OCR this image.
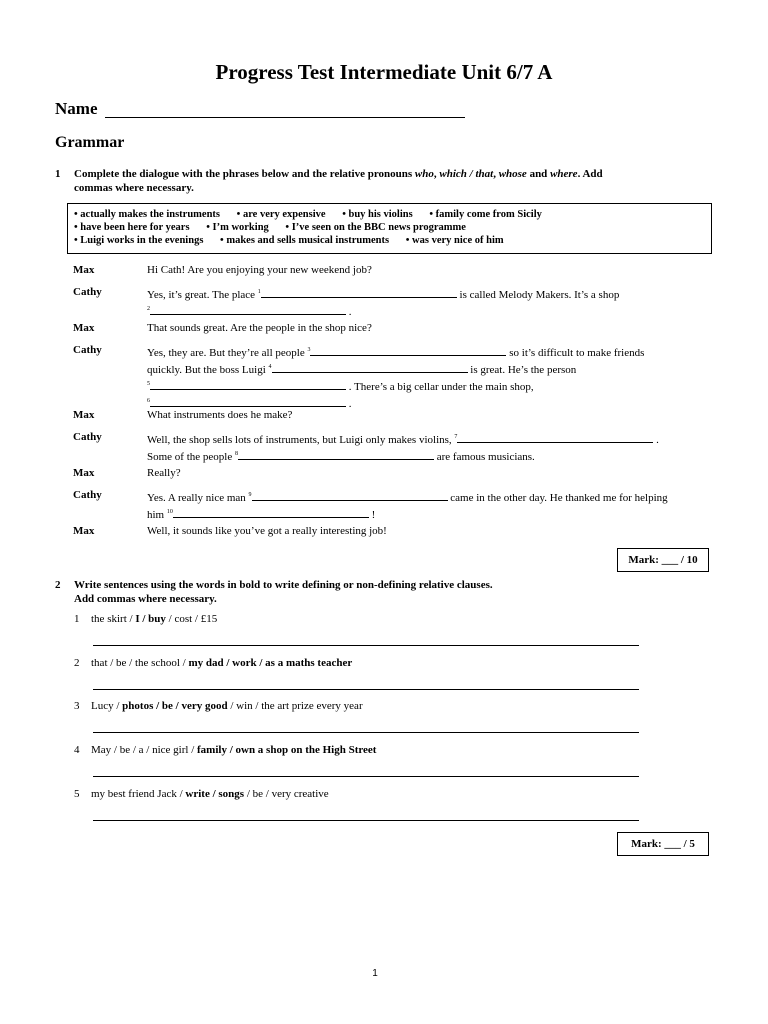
Progress Test Intermediate Unit 6/7 A
Name
Grammar
1 Complete the dialogue with the phrases below and the relative pronouns who, which / that, whose and where. Add
commas where necessary.
• actually makes the instruments • are very expensive • buy his violins • family come from Sicily
• have been here for years • I’m working • I’ve seen on the BBC news programme
• Luigi works in the evenings • makes and sells musical instruments • was very nice of him
Max	Hi Cath! Are you enjoying your new weekend job?
Cathy	Yes, it’s great. The place $^1$	is called Melody Makers. It’s a shop
$^2$	.
Max	That sounds great. Are the people in the shop nice?
Cathy	Yes, they are. But they’re all people $^3$	so it’s difficult to make friends
quickly. But the boss Luigi $^4$	is great. He’s the person
$^5$	. There’s a big cellar under the main shop,
$^6$	.
Max	What instruments does he make?
Cathy	Well, the shop sells lots of instruments, but Luigi only makes violins, $^7$	.
Some of the people $^8$	are famous musicians.
Max	Really?
Cathy	Yes. A really nice man $^9$	came in the other day. He thanked me for helping
him $^{10}$	!
Max	Well, it sounds like you’ve got a really interesting job!
Mark: ___ / 10
2 Write sentences using the words in bold to write defining or non-defining relative clauses.
Add commas where necessary.
1 the skirt / I / buy / cost / £15
2 that / be / the school / my dad / work / as a maths teacher
3 Lucy / photos / be / very good / win / the art prize every year
4 May / be / a / nice girl / family / own a shop on the High Street
5 my best friend Jack / write / songs / be / very creative
Mark: ___ / 5
1
